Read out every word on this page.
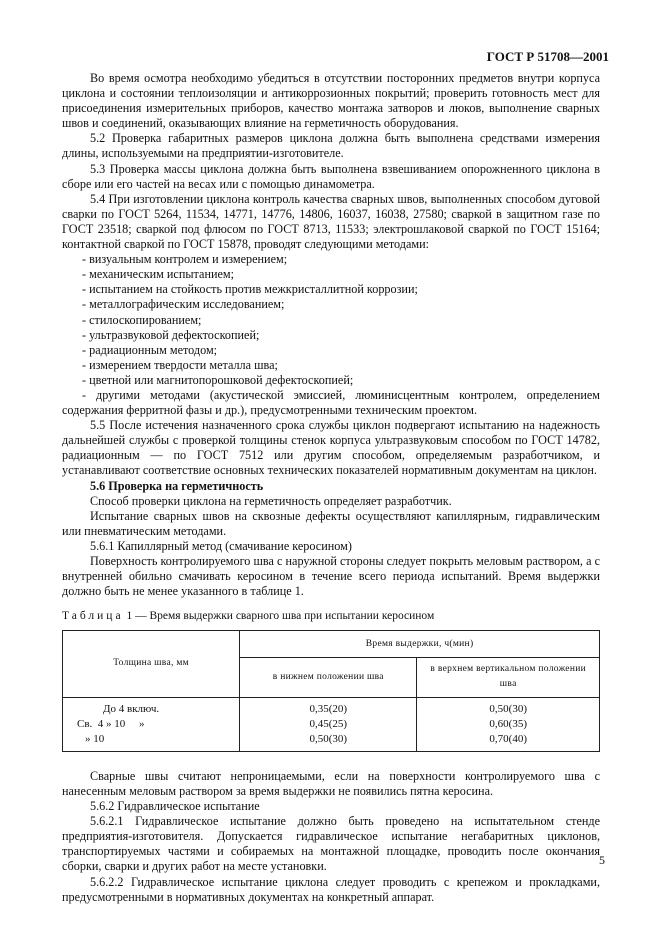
ГОСТ Р 51708—2001

Во время осмотра необходимо убедиться в отсутствии посторонних предметов внутри корпуса циклона и состоянии теплоизоляции и антикоррозионных покрытий; проверить готовность мест для присоединения измерительных приборов, качество монтажа затворов и люков, выполнение сварных швов и соединений, оказывающих влияние на герметичность оборудования.

5.2 Проверка габаритных размеров циклона должна быть выполнена средствами измерения длины, используемыми на предприятии-изготовителе.

5.3 Проверка массы циклона должна быть выполнена взвешиванием опорожненного циклона в сборе или его частей на весах или с помощью динамометра.

5.4 При изготовлении циклона контроль качества сварных швов, выполненных способом дуговой сварки по ГОСТ 5264, 11534, 14771, 14776, 14806, 16037, 16038, 27580; сваркой в защитном газе по ГОСТ 23518; сваркой под флюсом по ГОСТ 8713, 11533; электрошлаковой сваркой по ГОСТ 15164; контактной сваркой по ГОСТ 15878, проводят следующими методами:

- визуальным контролем и измерением;
- механическим испытанием;
- испытанием на стойкость против межкристаллитной коррозии;
- металлографическим исследованием;
- стилоскопированием;
- ультразвуковой дефектоскопией;
- радиационным методом;
- измерением твердости металла шва;
- цветной или магнитопорошковой дефектоскопией;
- другими методами (акустической эмиссией, люминисцентным контролем, определением содержания ферритной фазы и др.), предусмотренными техническим проектом.

5.5 После истечения назначенного срока службы циклон подвергают испытанию на надежность дальнейшей службы с проверкой толщины стенок корпуса ультразвуковым способом по ГОСТ 14782, радиационным — по ГОСТ 7512 или другим способом, определяемым разработчиком, и устанавливают соответствие основных технических показателей нормативным документам на циклон.

5.6 Проверка на герметичность

Способ проверки циклона на герметичность определяет разработчик.

Испытание сварных швов на сквозные дефекты осуществляют капиллярным, гидравлическим или пневматическим методами.

5.6.1 Капиллярный метод (смачивание керосином)

Поверхность контролируемого шва с наружной стороны следует покрыть меловым раствором, а с внутренней обильно смачивать керосином в течение всего периода испытаний. Время выдержки должно быть не менее указанного в таблице 1.

Таблица 1 — Время выдержки сварного шва при испытании керосином

Толщина шва, мм	Время выдержки, ч(мин)	
	в нижнем положении шва	в верхнем вертикальном положении шва
До 4 включ.	0,35(20)	0,50(30)
Св.  4 » 10     »	0,45(25)	0,60(35)
» 10	0,50(30)	0,70(40)

Сварные швы считают непроницаемыми, если на поверхности контролируемого шва с нанесенным меловым раствором за время выдержки не появились пятна керосина.

5.6.2 Гидравлическое испытание

5.6.2.1 Гидравлическое испытание должно быть проведено на испытательном стенде предприятия-изготовителя. Допускается гидравлическое испытание негабаритных циклонов, транспортируемых частями и собираемых на монтажной площадке, проводить после окончания сборки, сварки и других работ на месте установки.

5.6.2.2 Гидравлическое испытание циклона следует проводить с крепежом и прокладками, предусмотренными в нормативных документах на конкретный аппарат.

5
